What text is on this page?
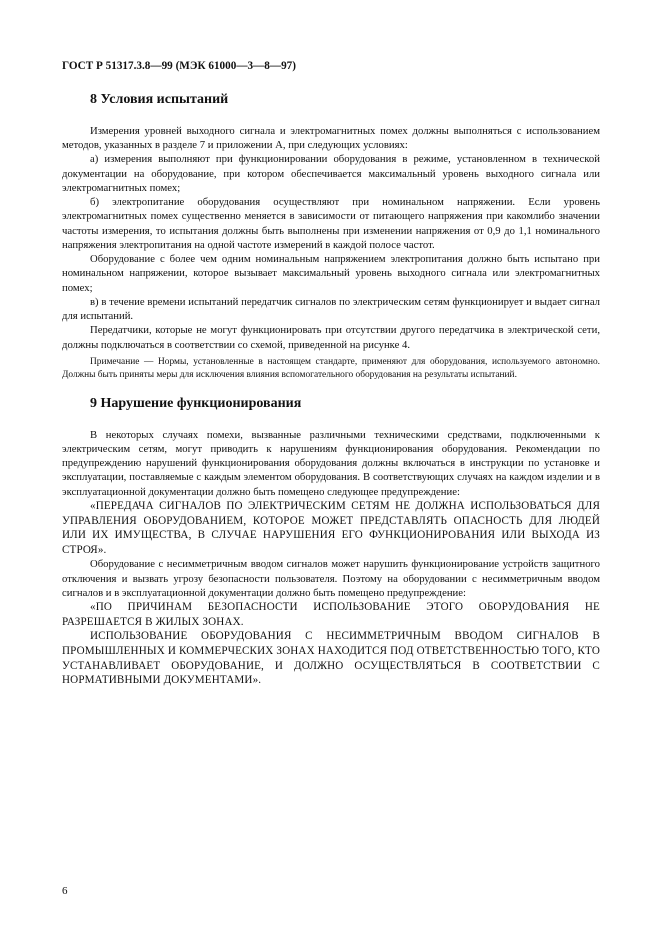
ГОСТ Р 51317.3.8—99 (МЭК 61000—3—8—97)
8 Условия испытаний

Измерения уровней выходного сигнала и электромагнитных помех должны выполняться с использованием методов, указанных в разделе 7 и приложении А, при следующих условиях:

а) измерения выполняют при функционировании оборудования в режиме, установленном в технической документации на оборудование, при котором обеспечивается максимальный уровень выходного сигнала или электромагнитных помех;

б) электропитание оборудования осуществляют при номинальном напряжении. Если уровень электромагнитных помех существенно меняется в зависимости от питающего напряжения при какомлибо значении частоты измерения, то испытания должны быть выполнены при изменении напряжения от 0,9 до 1,1 номинального напряжения электропитания на одной частоте измерений в каждой полосе частот.

Оборудование с более чем одним номинальным напряжением электропитания должно быть испытано при номинальном напряжении, которое вызывает максимальный уровень выходного сигнала или электромагнитных помех;

в) в течение времени испытаний передатчик сигналов по электрическим сетям функционирует и выдает сигнал для испытаний.

Передатчики, которые не могут функционировать при отсутствии другого передатчика в электрической сети, должны подключаться в соответствии со схемой, приведенной на рисунке 4.

Примечание — Нормы, установленные в настоящем стандарте, применяют для оборудования, используемого автономно. Должны быть приняты меры для исключения влияния вспомогательного оборудования на результаты испытаний.

9 Нарушение функционирования

В некоторых случаях помехи, вызванные различными техническими средствами, подключенными к электрическим сетям, могут приводить к нарушениям функционирования оборудования. Рекомендации по предупреждению нарушений функционирования оборудования должны включаться в инструкции по установке и эксплуатации, поставляемые с каждым элементом оборудования. В соответствующих случаях на каждом изделии и в эксплуатационной документации должно быть помещено следующее предупреждение:

«ПЕРЕДАЧА СИГНАЛОВ ПО ЭЛЕКТРИЧЕСКИМ СЕТЯМ НЕ ДОЛЖНА ИСПОЛЬЗОВАТЬСЯ ДЛЯ УПРАВЛЕНИЯ ОБОРУДОВАНИЕМ, КОТОРОЕ МОЖЕТ ПРЕДСТАВЛЯТЬ ОПАСНОСТЬ ДЛЯ ЛЮДЕЙ ИЛИ ИХ ИМУЩЕСТВА, В СЛУЧАЕ НАРУШЕНИЯ ЕГО ФУНКЦИОНИРОВАНИЯ ИЛИ ВЫХОДА ИЗ СТРОЯ».

Оборудование с несимметричным вводом сигналов может нарушить функционирование устройств защитного отключения и вызвать угрозу безопасности пользователя. Поэтому на оборудовании с несимметричным вводом сигналов и в эксплуатационной документации должно быть помещено предупреждение:

«ПО ПРИЧИНАМ БЕЗОПАСНОСТИ ИСПОЛЬЗОВАНИЕ ЭТОГО ОБОРУДОВАНИЯ НЕ РАЗРЕШАЕТСЯ В ЖИЛЫХ ЗОНАХ.

ИСПОЛЬЗОВАНИЕ ОБОРУДОВАНИЯ С НЕСИММЕТРИЧНЫМ ВВОДОМ СИГНАЛОВ В ПРОМЫШЛЕННЫХ И КОММЕРЧЕСКИХ ЗОНАХ НАХОДИТСЯ ПОД ОТВЕТСТВЕННОСТЬЮ ТОГО, КТО УСТАНАВЛИВАЕТ ОБОРУДОВАНИЕ, И ДОЛЖНО ОСУЩЕСТВЛЯТЬСЯ В СООТВЕТСТВИИ С НОРМАТИВНЫМИ ДОКУМЕНТАМИ».

6
